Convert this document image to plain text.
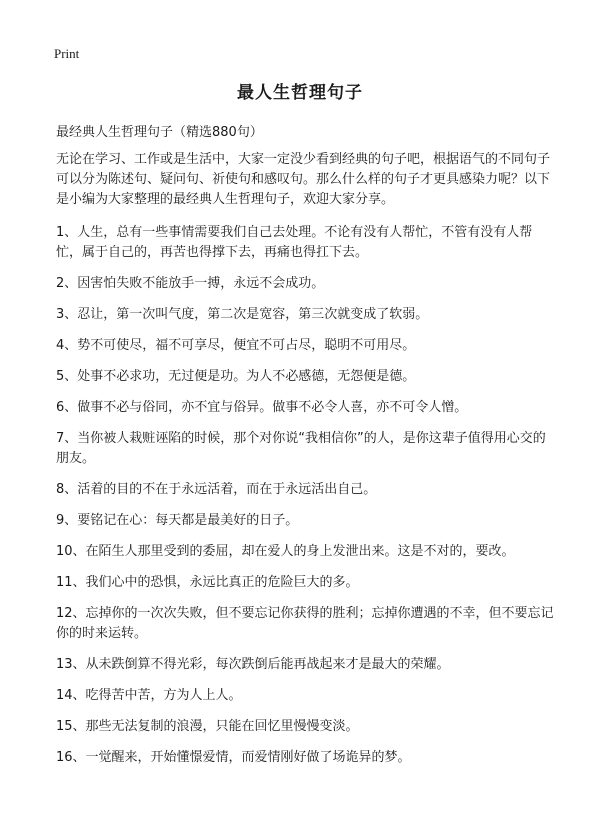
Print
最人生哲理句子
最经典人生哲理句子（精选880句）

无论在学习、工作或是生活中，大家一定没少看到经典的句子吧，根据语气的不同句子可以分为陈述句、疑问句、祈使句和感叹句。那么什么样的句子才更具感染力呢？以下是小编为大家整理的最经典人生哲理句子，欢迎大家分享。

1、人生，总有一些事情需要我们自己去处理。不论有没有人帮忙，不管有没有人帮忙，属于自己的，再苦也得撑下去，再痛也得扛下去。

2、因害怕失败不能放手一搏，永远不会成功。

3、忍让，第一次叫气度，第二次是宽容，第三次就变成了软弱。

4、势不可使尽，福不可享尽，便宜不可占尽，聪明不可用尽。

5、处事不必求功，无过便是功。为人不必感德，无怨便是德。

6、做事不必与俗同，亦不宜与俗异。做事不必令人喜，亦不可令人憎。

7、当你被人栽赃诬陷的时候，那个对你说“我相信你”的人，是你这辈子值得用心交的朋友。

8、活着的目的不在于永远活着，而在于永远活出自己。

9、要铭记在心：每天都是最美好的日子。

10、在陌生人那里受到的委屈，却在爱人的身上发泄出来。这是不对的，要改。

11、我们心中的恐惧，永远比真正的危险巨大的多。

12、忘掉你的一次次失败，但不要忘记你获得的胜利；忘掉你遭遇的不幸，但不要忘记你的时来运转。

13、从未跌倒算不得光彩，每次跌倒后能再战起来才是最大的荣耀。

14、吃得苦中苦，方为人上人。

15、那些无法复制的浪漫，只能在回忆里慢慢变淡。

16、一觉醒来，开始懂憬爱情，而爱情刚好做了场诡异的梦。
